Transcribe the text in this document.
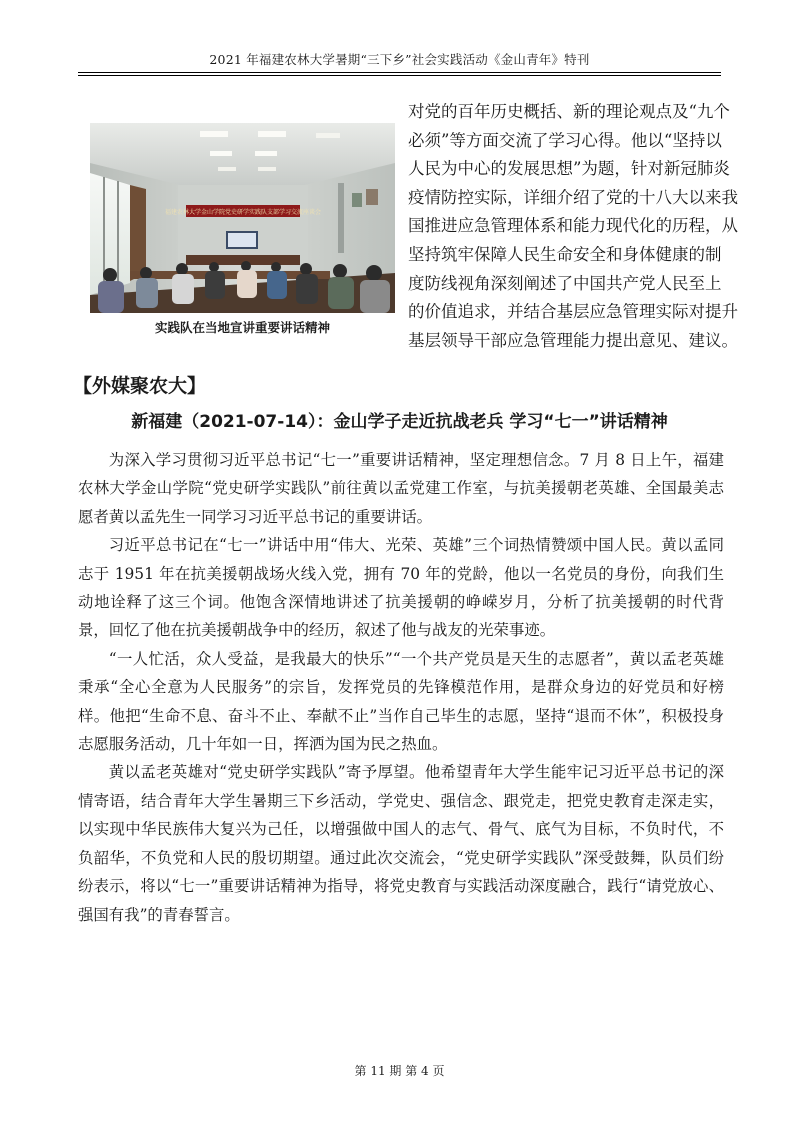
2021 年福建农林大学暑期“三下乡”社会实践活动《金山青年》特刊
福建农林大学金山学院党史研学实践队支部学习交流座谈会
实践队在当地宣讲重要讲话精神
对党的百年历史概括、新的理论观点及“九个
必须”等方面交流了学习心得。他以“坚持以
人民为中心的发展思想”为题，针对新冠肺炎
疫情防控实际，详细介绍了党的十八大以来我
国推进应急管理体系和能力现代化的历程，从
坚持筑牢保障人民生命安全和身体健康的制
度防线视角深刻阐述了中国共产党人民至上
的价值追求，并结合基层应急管理实际对提升
基层领导干部应急管理能力提出意见、建议。
【外媒聚农大】
新福建（2021-07-14）：金山学子走近抗战老兵 学习“七一”讲话精神

为深入学习贯彻习近平总书记“七一”重要讲话精神，坚定理想信念。7 月 8 日上午，福建农林大学金山学院“党史研学实践队”前往黄以孟党建工作室，与抗美援朝老英雄、全国最美志愿者黄以孟先生一同学习习近平总书记的重要讲话。

习近平总书记在“七一”讲话中用“伟大、光荣、英雄”三个词热情赞颂中国人民。黄以孟同志于 1951 年在抗美援朝战场火线入党，拥有 70 年的党龄，他以一名党员的身份，向我们生动地诠释了这三个词。他饱含深情地讲述了抗美援朝的峥嵘岁月，分析了抗美援朝的时代背景，回忆了他在抗美援朝战争中的经历，叙述了他与战友的光荣事迹。

“一人忙活，众人受益，是我最大的快乐”“一个共产党员是天生的志愿者”，黄以孟老英雄秉承“全心全意为人民服务”的宗旨，发挥党员的先锋模范作用，是群众身边的好党员和好榜样。他把“生命不息、奋斗不止、奉献不止”当作自己毕生的志愿，坚持“退而不休”，积极投身志愿服务活动，几十年如一日，挥洒为国为民之热血。

黄以孟老英雄对“党史研学实践队”寄予厚望。他希望青年大学生能牢记习近平总书记的深情寄语，结合青年大学生暑期三下乡活动，学党史、强信念、跟党走，把党史教育走深走实，以实现中华民族伟大复兴为己任，以增强做中国人的志气、骨气、底气为目标，不负时代，不负韶华，不负党和人民的殷切期望。通过此次交流会，“党史研学实践队”深受鼓舞，队员们纷纷表示，将以“七一”重要讲话精神为指导，将党史教育与实践活动深度融合，践行“请党放心、强国有我”的青春誓言。

第 11 期 第 4 页
